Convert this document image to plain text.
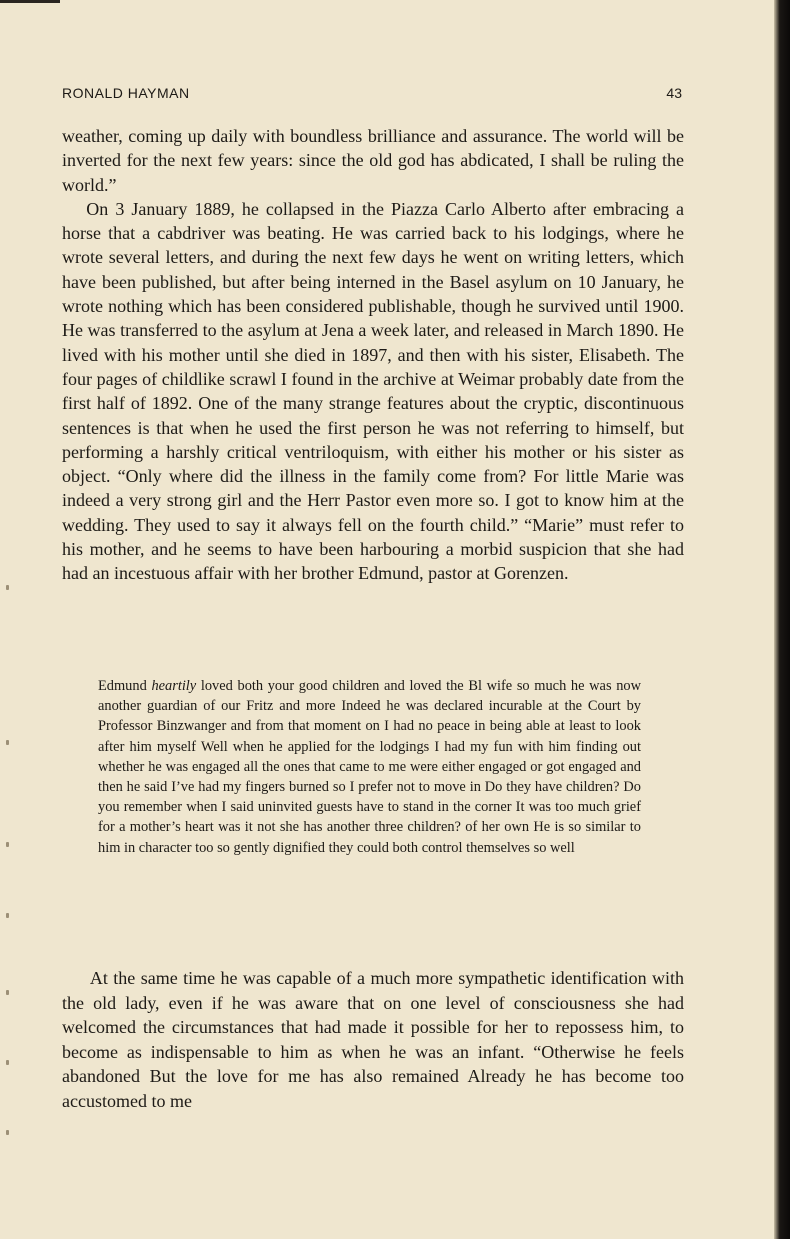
RONALD HAYMAN	43

weather, coming up daily with boundless brilliance and assurance. The world will be inverted for the next few years: since the old god has abdicated, I shall be ruling the world.”

On 3 January 1889, he collapsed in the Piazza Carlo Alberto after embracing a horse that a cabdriver was beating. He was carried back to his lodgings, where he wrote several letters, and during the next few days he went on writing letters, which have been published, but after being interned in the Basel asylum on 10 January, he wrote nothing which has been considered publishable, though he survived until 1900. He was transferred to the asylum at Jena a week later, and released in March 1890. He lived with his mother until she died in 1897, and then with his sister, Elisabeth. The four pages of childlike scrawl I found in the archive at Weimar probably date from the first half of 1892. One of the many strange features about the cryptic, discontinuous sentences is that when he used the first person he was not referring to himself, but performing a harshly critical ventriloquism, with either his mother or his sister as object. “Only where did the illness in the family come from? For little Marie was indeed a very strong girl and the Herr Pastor even more so. I got to know him at the wedding. They used to say it always fell on the fourth child.” “Marie” must refer to his mother, and he seems to have been harbouring a morbid suspicion that she had had an incestuous affair with her brother Edmund, pastor at Gorenzen.

Edmund heartily loved both your good children and loved the Bl wife so much he was now another guardian of our Fritz and more Indeed he was declared incurable at the Court by Professor Binzwanger and from that moment on I had no peace in being able at least to look after him myself Well when he applied for the lodgings I had my fun with him finding out whether he was engaged all the ones that came to me were either engaged or got engaged and then he said I’ve had my fingers burned so I prefer not to move in Do they have children? Do you remember when I said uninvited guests have to stand in the corner It was too much grief for a mother’s heart was it not she has another three children? of her own He is so similar to him in character too so gently dignified they could both control themselves so well

At the same time he was capable of a much more sympathetic identification with the old lady, even if he was aware that on one level of consciousness she had welcomed the circumstances that had made it possible for her to repossess him, to become as indispensable to him as when he was an infant. “Otherwise he feels abandoned But the love for me has also remained Already he has become too accustomed to me
